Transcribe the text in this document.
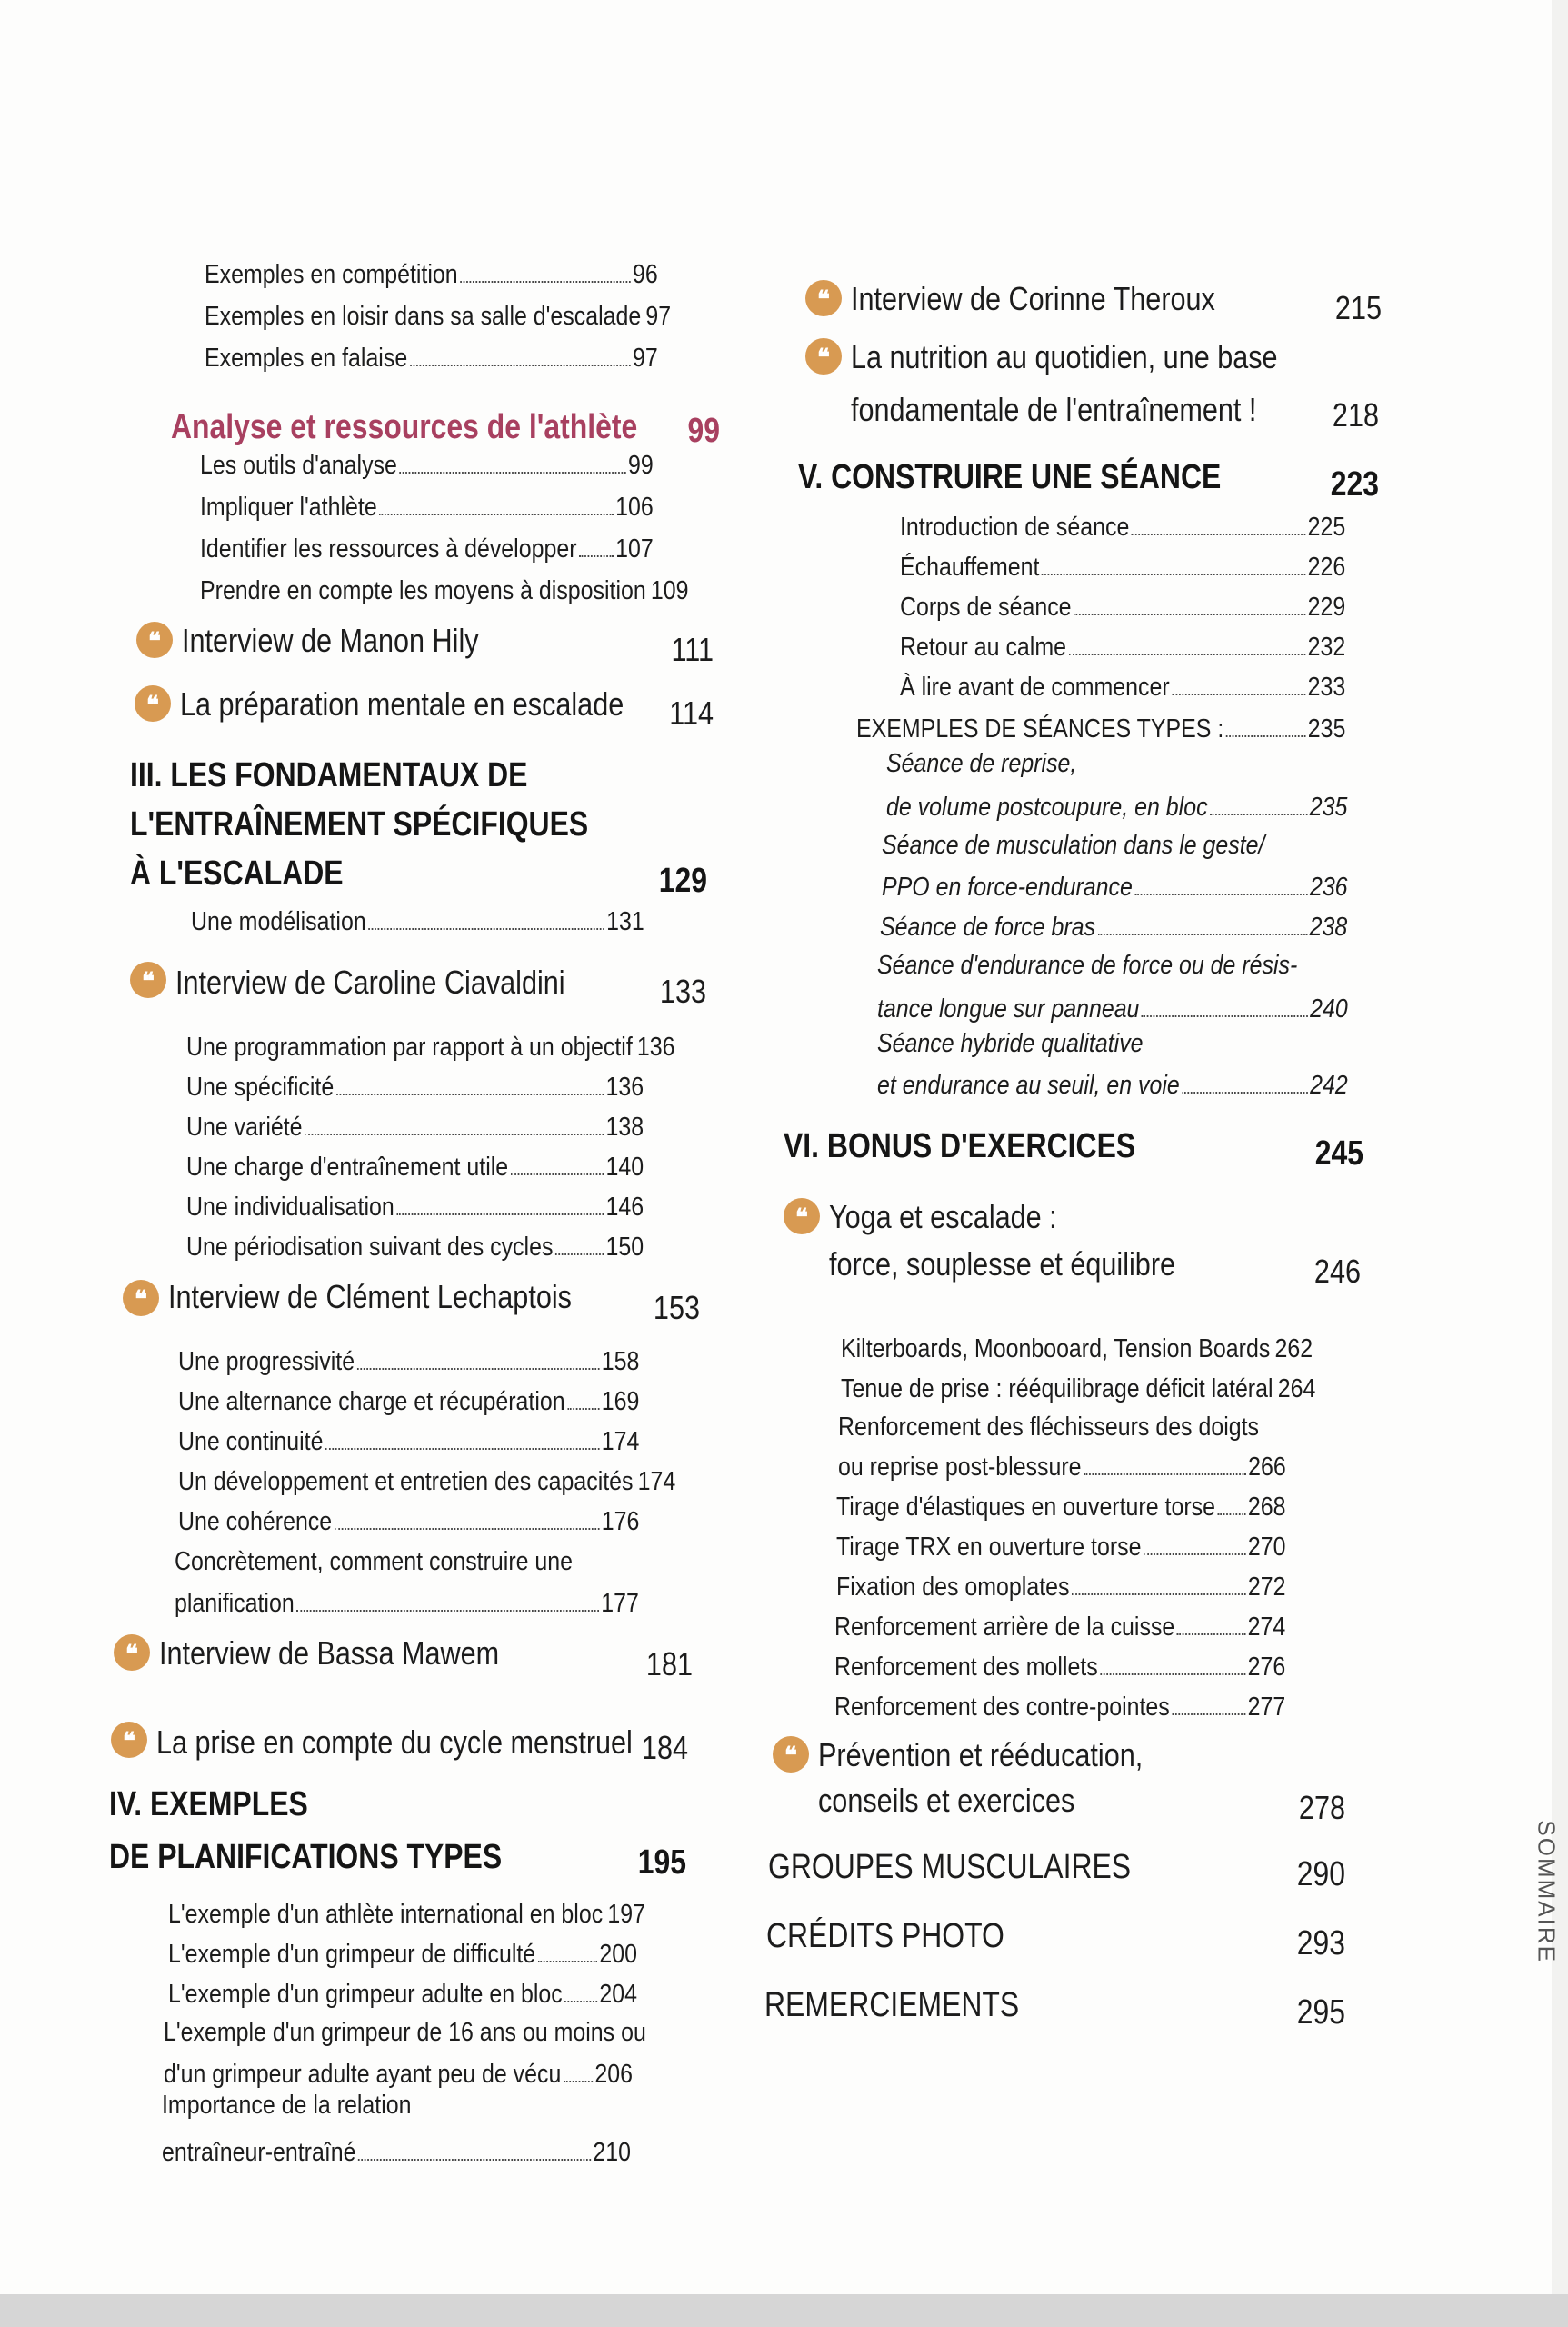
Exemples en compétition	96
Exemples en loisir dans sa salle d'escalade 97
Exemples en falaise	97
Analyse et ressources de l'athlète	99
Les outils d'analyse	99
Impliquer l'athlète	106
Identifier les ressources à développer 107
Prendre en compte les moyens à disposition 109
❝ Interview de Manon Hily	111
❝ La préparation mentale en escalade	114
III. LES FONDAMENTAUX DE
L'ENTRAÎNEMENT SPÉCIFIQUES
À L'ESCALADE	129
Une modélisation	131
❝ Interview de Caroline Ciavaldini	133
Une programmation par rapport à un objectif 136
Une spécificité	136
Une variété	138
Une charge d'entraînement utile	140
Une individualisation	146
Une périodisation suivant des cycles 150
❝ Interview de Clément Lechaptois	153
Une progressivité	158
Une alternance charge et récupération 169
Une continuité	174
Un développement et entretien des capacités 174
Une cohérence	176
Concrètement, comment construire une
planification	177
❝ Interview de Bassa Mawem	181
❝ La prise en compte du cycle menstruel 184
IV. EXEMPLES
DE PLANIFICATIONS TYPES	195
L'exemple d'un athlète international en bloc 197
L'exemple d'un grimpeur de difficulté 200
L'exemple d'un grimpeur adulte en bloc 204
L'exemple d'un grimpeur de 16 ans ou moins ou
d'un grimpeur adulte ayant peu de vécu 206
Importance de la relation
entraîneur-entraîné	210
❝ Interview de Corinne Theroux	215
❝ La nutrition au quotidien, une base
fondamentale de l'entraînement !	218
V. CONSTRUIRE UNE SÉANCE	223
Introduction de séance	225
Échauffement	226
Corps de séance	229
Retour au calme	232
À lire avant de commencer	233
EXEMPLES DE SÉANCES TYPES :	235
Séance de reprise,
de volume postcoupure, en bloc	235
Séance de musculation dans le geste/
PPO en force-endurance	236
Séance de force bras	238
Séance d'endurance de force ou de résis-
tance longue sur panneau	240
Séance hybride qualitative
et endurance au seuil, en voie	242
VI. BONUS D'EXERCICES	245
❝ Yoga et escalade :
force, souplesse et équilibre	246
Kilterboards, Moonbooard, Tension Boards 262
Tenue de prise : rééquilibrage déficit latéral 264
Renforcement des fléchisseurs des doigts
ou reprise post-blessure	266
Tirage d'élastiques en ouverture torse 268
Tirage TRX en ouverture torse	270
Fixation des omoplates	272
Renforcement arrière de la cuisse	274
Renforcement des mollets	276
Renforcement des contre-pointes	277
❝ Prévention et rééducation,
conseils et exercices	278
GROUPES MUSCULAIRES	290
CRÉDITS PHOTO	293
REMERCIEMENTS	295
SOMMAIRE
